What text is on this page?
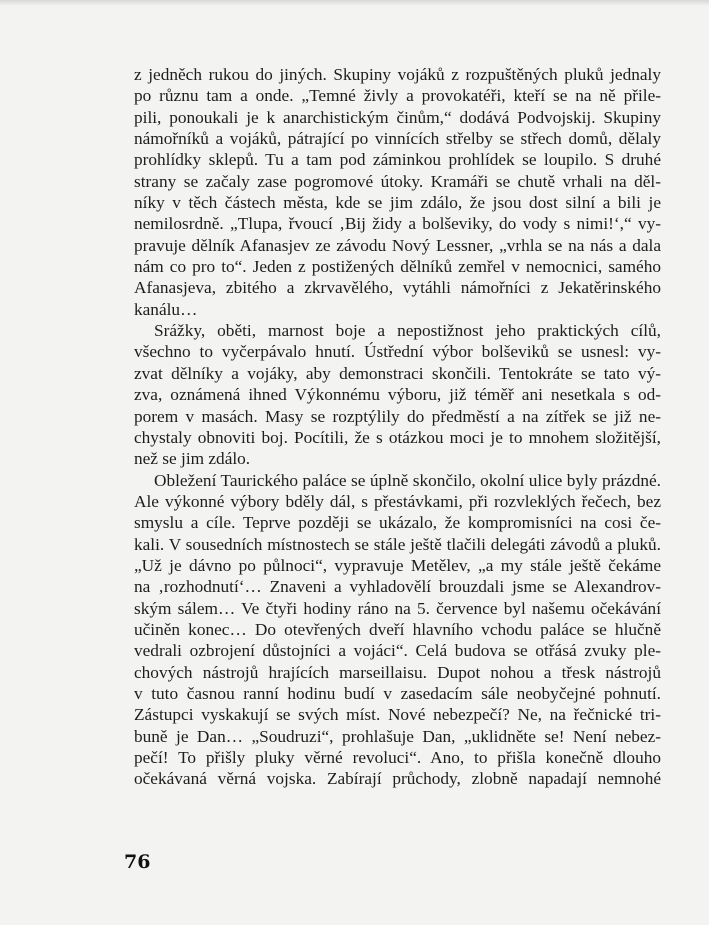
z jedněch rukou do jiných. Skupiny vojáků z rozpuštěných pluků jednaly
po různu tam a onde. „Temné živly a provokatéři, kteří se na ně přile-
pili, ponoukali je k anarchistickým činům,“ dodává Podvojskij. Skupiny
námořníků a vojáků, pátrající po vinnících střelby se střech domů, dělaly
prohlídky sklepů. Tu a tam pod záminkou prohlídek se loupilo. S druhé
strany se začaly zase pogromové útoky. Kramáři se chutě vrhali na děl-
níky v těch částech města, kde se jim zdálo, že jsou dost silní a bili je
nemilosrdně. „Tlupa, řvoucí ‚Bij židy a bolševiky, do vody s nimi!‘,“ vy-
pravuje dělník Afanasjev ze závodu Nový Lessner, „vrhla se na nás a dala
nám co pro to“. Jeden z postižených dělníků zemřel v nemocnici, samého
Afanasjeva, zbitého a zkrvavělého, vytáhli námořníci z Jekatěrinského
kanálu…
Srážky, oběti, marnost boje a nepostižnost jeho praktických cílů,
všechno to vyčerpávalo hnutí. Ústřední výbor bolševiků se usnesl: vy-
zvat dělníky a vojáky, aby demonstraci skončili. Tentokráte se tato vý-
zva, oznámená ihned Výkonnému výboru, již téměř ani nesetkala s od-
porem v masách. Masy se rozptýlily do předměstí a na zítřek se již ne-
chystaly obnoviti boj. Pocítili, že s otázkou moci je to mnohem složitější,
než se jim zdálo.
Obležení Taurického paláce se úplně skončilo, okolní ulice byly prázdné.
Ale výkonné výbory bděly dál, s přestávkami, při rozvleklých řečech, bez
smyslu a cíle. Teprve později se ukázalo, že kompromisníci na cosi če-
kali. V sousedních místnostech se stále ještě tlačili delegáti závodů a pluků.
„Už je dávno po půlnoci“, vypravuje Metělev, „a my stále ještě čekáme
na ‚rozhodnutí‘… Znaveni a vyhladovělí brouzdali jsme se Alexandrov-
ským sálem… Ve čtyři hodiny ráno na 5. července byl našemu očekávání
učiněn konec… Do otevřených dveří hlavního vchodu paláce se hlučně
vedrali ozbrojení důstojníci a vojáci“. Celá budova se otřásá zvuky ple-
chových nástrojů hrajících marseillaisu. Dupot nohou a třesk nástrojů
v tuto časnou ranní hodinu budí v zasedacím sále neobyčejné pohnutí.
Zástupci vyskakují se svých míst. Nové nebezpečí? Ne, na řečnické tri-
buně je Dan… „Soudruzi“, prohlašuje Dan, „uklidněte se! Není nebez-
pečí! To přišly pluky věrné revoluci“. Ano, to přišla konečně dlouho
očekávaná věrná vojska. Zabírají průchody, zlobně napadají nemnohé
76
